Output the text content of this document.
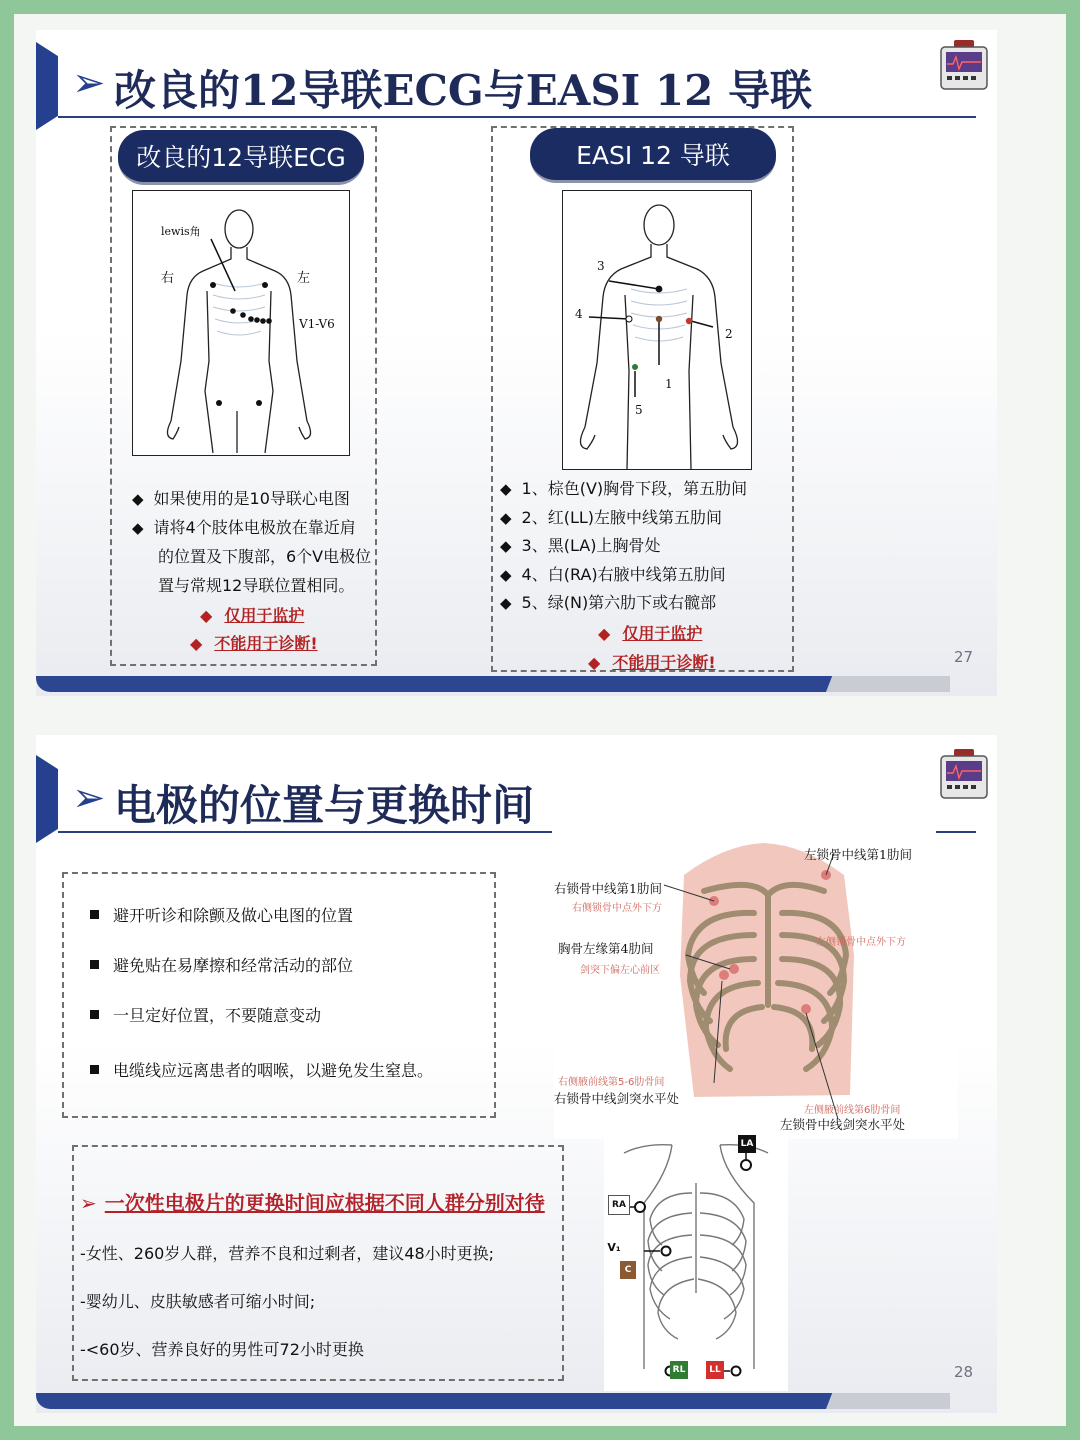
➢ 改良的12导联ECG与EASI 12 导联
改良的12导联ECG
lewis角
右	左
V1-V6
◆ 如果使用的是10导联心电图
◆ 请将4个肢体电极放在靠近肩
的位置及下腹部，6个V电极位
置与常规12导联位置相同。
◆ 仅用于监护
◆ 不能用于诊断!
EASI 12 导联
3
4
2
1
5
◆ 1、棕色(V)胸骨下段，第五肋间
◆ 2、红(LL)左腋中线第五肋间
◆ 3、黑(LA)上胸骨处
◆ 4、白(RA)右腋中线第五肋间
◆ 5、绿(N)第六肋下或右髋部
◆ 仅用于监护
◆ 不能用于诊断!	27
➢ 电极的位置与更换时间
避开听诊和除颤及做心电图的位置
避免贴在易摩擦和经常活动的部位
一旦定好位置，不要随意变动
电缆线应远离患者的咽喉，以避免发生窒息。
右锁骨中线第1肋间
右侧锁骨中点外下方
左锁骨中线第1肋间
左侧锁骨中点外下方
胸骨左缘第4肋间
剑突下偏左心前区
右侧腋前线第5-6肋骨间
右锁骨中线剑突水平处
左侧腋前线第6肋骨间
左锁骨中线剑突水平处
➢ 一次性电极片的更换时间应根据不同人群分别对待
-女性、260岁人群，营养不良和过剩者，建议48小时更换;
-婴幼儿、皮肤敏感者可缩小时间;
-<60岁、营养良好的男性可72小时更换
LA
RA
V₁
C
RL	LL	28
